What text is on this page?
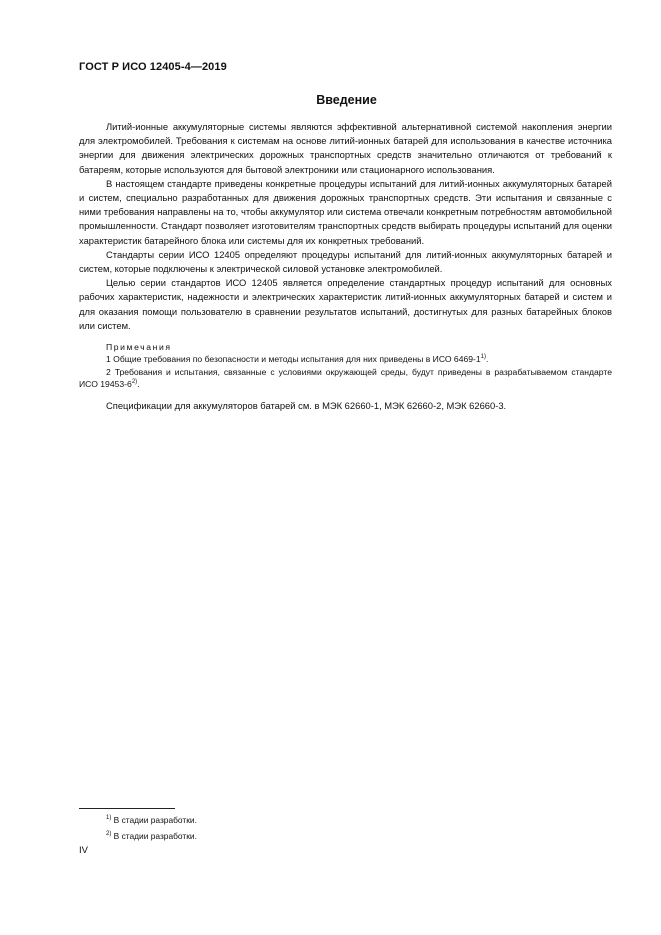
ГОСТ Р ИСО 12405-4—2019
Введение

Литий-ионные аккумуляторные системы являются эффективной альтернативной системой накопления энергии для электромобилей. Требования к системам на основе литий-ионных батарей для использования в качестве источника энергии для движения электрических дорожных транспортных средств значительно отличаются от требований к батареям, которые используются для бытовой электроники или стационарного использования.

В настоящем стандарте приведены конкретные процедуры испытаний для литий-ионных аккумуляторных батарей и систем, специально разработанных для движения дорожных транспортных средств. Эти испытания и связанные с ними требования направлены на то, чтобы аккумулятор или система отвечали конкретным потребностям автомобильной промышленности. Стандарт позволяет изготовителям транспортных средств выбирать процедуры испытаний для оценки характеристик батарейного блока или системы для их конкретных требований.

Стандарты серии ИСО 12405 определяют процедуры испытаний для литий-ионных аккумуляторных батарей и систем, которые подключены к электрической силовой установке электромобилей.

Целью серии стандартов ИСО 12405 является определение стандартных процедур испытаний для основных рабочих характеристик, надежности и электрических характеристик литий-ионных аккумуляторных батарей и систем и для оказания помощи пользователю в сравнении результатов испытаний, достигнутых для разных батарейных блоков или систем.

Примечания

1 Общие требования по безопасности и методы испытания для них приведены в ИСО 6469-1$^{1)}$.

2 Требования и испытания, связанные с условиями окружающей среды, будут приведены в разрабатываемом стандарте ИСО 19453-6$^{2)}$.

Спецификации для аккумуляторов батарей см. в МЭК 62660-1, МЭК 62660-2, МЭК 62660-3.

$^{1)}$ В стадии разработки.

$^{2)}$ В стадии разработки.

IV
